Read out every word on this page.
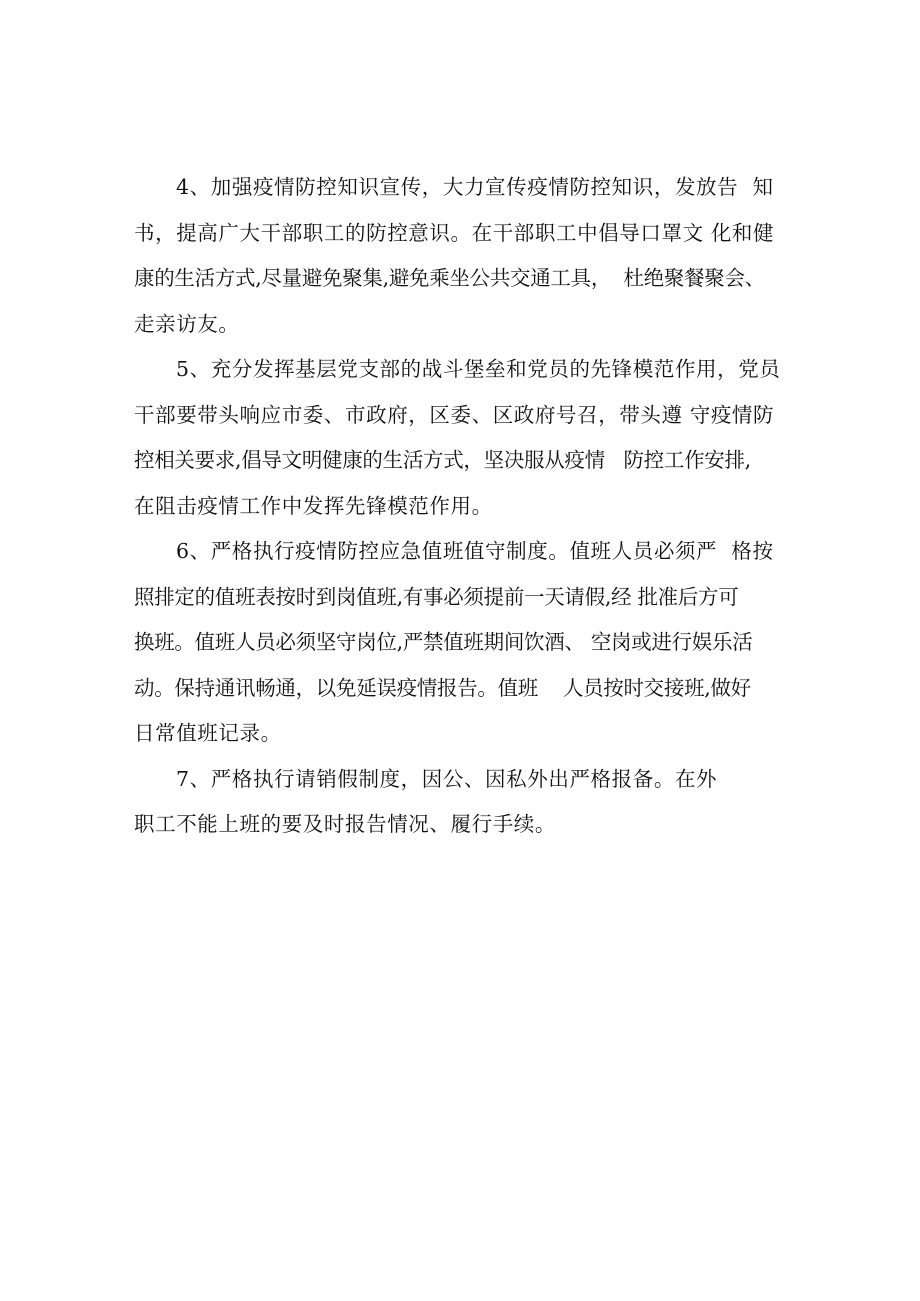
4、加强疫情防控知识宣传，大力宣传疫情防控知识，发放告  知
书，提高广大干部职工的防控意识。在干部职工中倡导口罩文 化和健
康的生活方式,尽量避免聚集,避免乘坐公共交通工具，  杜绝聚餐聚会、
走亲访友。

5、充分发挥基层党支部的战斗堡垒和党员的先锋模范作用，党员
干部要带头响应市委、市政府，区委、区政府号召，带头遵 守疫情防
控相关要求,倡导文明健康的生活方式，坚决服从疫情   防控工作安排,
在阻击疫情工作中发挥先锋模范作用。

6、严格执行疫情防控应急值班值守制度。值班人员必须严  格按
照排定的值班表按时到岗值班,有事必须提前一天请假,经 批准后方可
换班。值班人员必须坚守岗位,严禁值班期间饮酒、 空岗或进行娱乐活
动。保持通讯畅通，以免延误疫情报告。值班    人员按时交接班,做好
日常值班记录。

7、严格执行请销假制度，因公、因私外出严格报备。在外
职工不能上班的要及时报告情况、履行手续。
